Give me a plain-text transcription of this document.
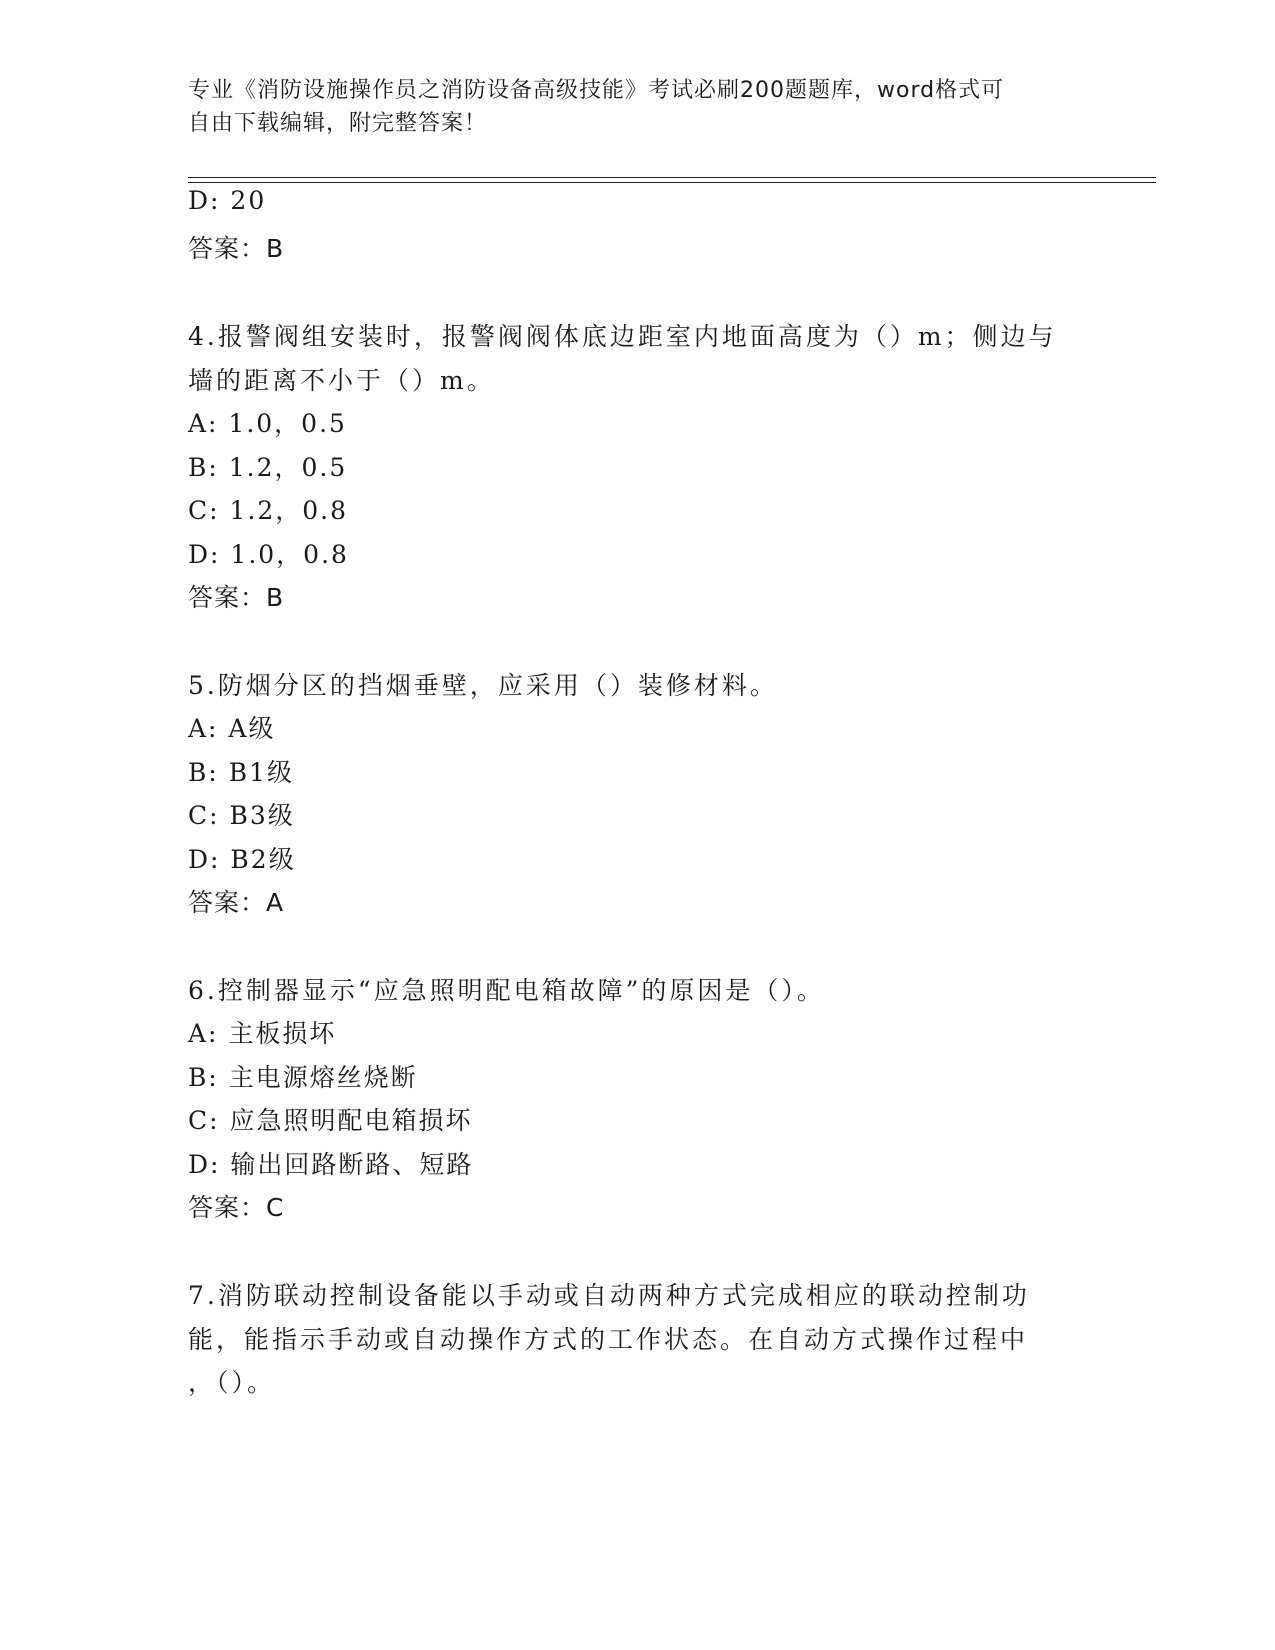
专业《消防设施操作员之消防设备高级技能》考试必刷200题题库，word格式可
自由下载编辑，附完整答案！
D: 20
答案：B
4.报警阀组安装时，报警阀阀体底边距室内地面高度为（）m；侧边与
墙的距离不小于（）m。
A: 1.0，0.5
B: 1.2，0.5
C: 1.2，0.8
D: 1.0，0.8
答案：B
5.防烟分区的挡烟垂壁，应采用（）装修材料。
A: A级
B: B1级
C: B3级
D: B2级
答案：A
6.控制器显示“应急照明配电箱故障”的原因是（）。
A: 主板损坏
B: 主电源熔丝烧断
C: 应急照明配电箱损坏
D: 输出回路断路、短路
答案：C
7.消防联动控制设备能以手动或自动两种方式完成相应的联动控制功
能，能指示手动或自动操作方式的工作状态。在自动方式操作过程中
，（）。
